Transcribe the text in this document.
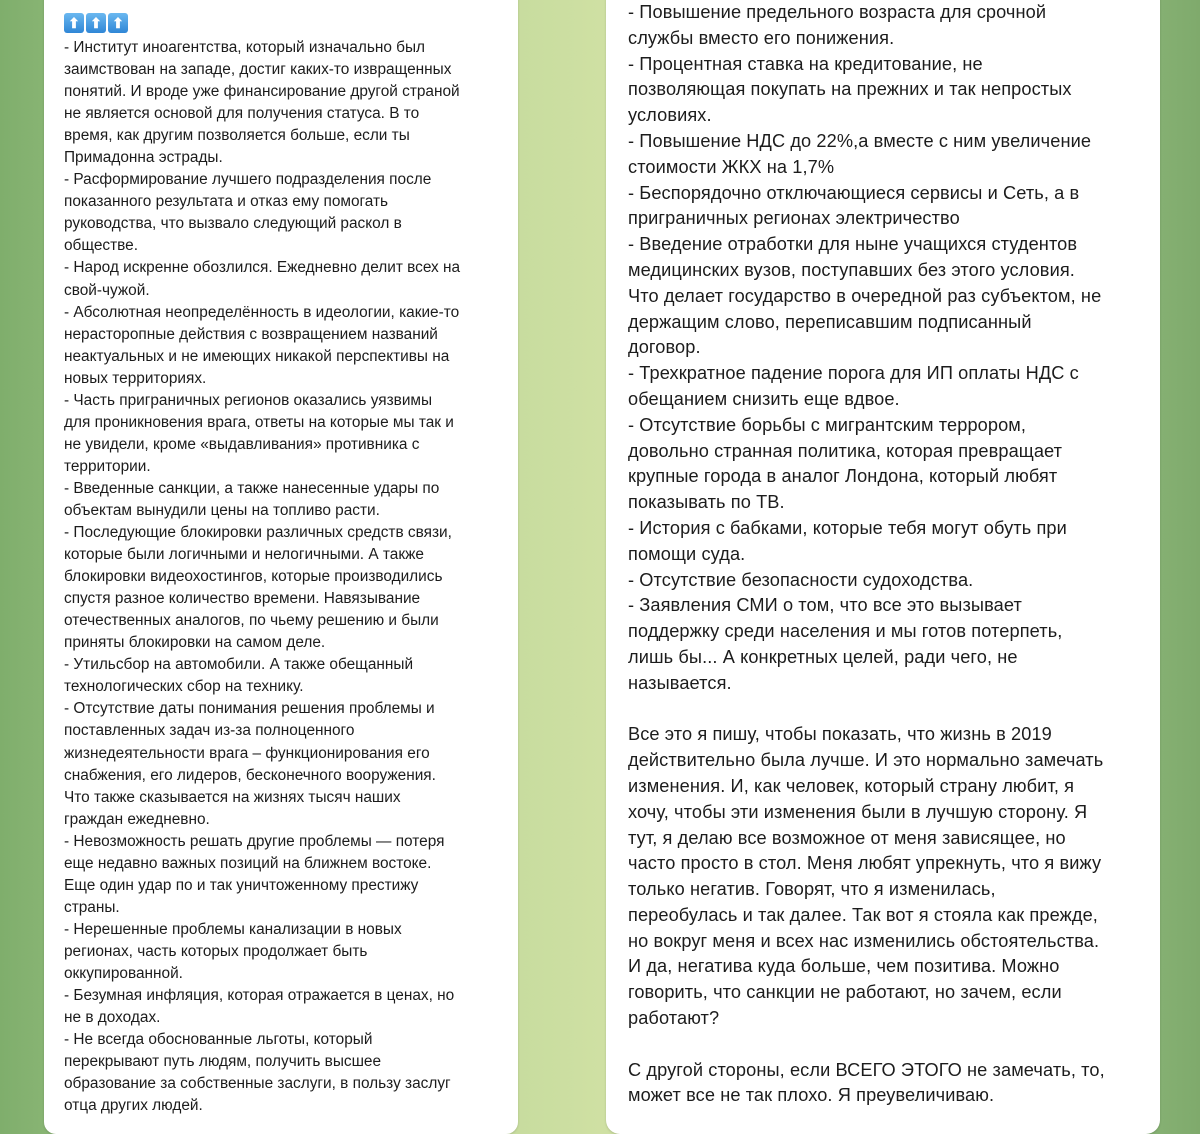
⬆ ⬆ ⬆
- Институт иноагентства, который изначально был
заимствован на западе, достиг каких-то извращенных
понятий. И вроде уже финансирование другой страной
не является основой для получения статуса. В то
время, как другим позволяется больше, если ты
Примадонна эстрады.
- Расформирование лучшего подразделения после
показанного результата и отказ ему помогать
руководства, что вызвало следующий раскол в
обществе.
- Народ искренне обозлился. Ежедневно делит всех на
свой-чужой.
- Абсолютная неопределённость в идеологии, какие-то
нерасторопные действия с возвращением названий
неактуальных и не имеющих никакой перспективы на
новых территориях.
- Часть приграничных регионов оказались уязвимы
для проникновения врага, ответы на которые мы так и
не увидели, кроме «выдавливания» противника с
территории.
- Введенные санкции, а также нанесенные удары по
объектам вынудили цены на топливо расти.
- Последующие блокировки различных средств связи,
которые были логичными и нелогичными. А также
блокировки видеохостингов, которые производились
спустя разное количество времени. Навязывание
отечественных аналогов, по чьему решению и были
приняты блокировки на самом деле.
- Утильсбор на автомобили. А также обещанный
технологических сбор на технику.
- Отсутствие даты понимания решения проблемы и
поставленных задач из-за полноценного
жизнедеятельности врага – функционирования его
снабжения, его лидеров, бесконечного вооружения.
Что также сказывается на жизнях тысяч наших
граждан ежедневно.
- Невозможность решать другие проблемы — потеря
еще недавно важных позиций на ближнем востоке.
Еще один удар по и так уничтоженному престижу
страны.
- Нерешенные проблемы канализации в новых
регионах, часть которых продолжает быть
оккупированной.
- Безумная инфляция, которая отражается в ценах, но
не в доходах.
- Не всегда обоснованные льготы, который
перекрывают путь людям, получить высшее
образование за собственные заслуги, в пользу заслуг
отца других людей.
- Повышение предельного возраста для срочной
службы вместо его понижения.
- Процентная ставка на кредитование, не
позволяющая покупать на прежних и так непростых
условиях.
- Повышение НДС до 22%,а вместе с ним увеличение
стоимости ЖКХ на 1,7%
- Беспорядочно отключающиеся сервисы и Сеть, а в
приграничных регионах электричество
- Введение отработки для ныне учащихся студентов
медицинских вузов, поступавших без этого условия.
Что делает государство в очередной раз субъектом, не
держащим слово, переписавшим подписанный
договор.
- Трехкратное падение порога для ИП оплаты НДС с
обещанием снизить еще вдвое.
- Отсутствие борьбы с мигрантским террором,
довольно странная политика, которая превращает
крупные города в аналог Лондона, который любят
показывать по ТВ.
- История с бабками, которые тебя могут обуть при
помощи суда.
- Отсутствие безопасности судоходства.
- Заявления СМИ о том, что все это вызывает
поддержку среди населения и мы готов потерпеть,
лишь бы... А конкретных целей, ради чего, не
называется.
Все это я пишу, чтобы показать, что жизнь в 2019
действительно была лучше. И это нормально замечать
изменения. И, как человек, который страну любит, я
хочу, чтобы эти изменения были в лучшую сторону. Я
тут, я делаю все возможное от меня зависящее, но
часто просто в стол. Меня любят упрекнуть, что я вижу
только негатив. Говорят, что я изменилась,
переобулась и так далее. Так вот я стояла как прежде,
но вокруг меня и всех нас изменились обстоятельства.
И да, негатива куда больше, чем позитива. Можно
говорить, что санкции не работают, но зачем, если
работают?
С другой стороны, если ВСЕГО ЭТОГО не замечать, то,
может все не так плохо. Я преувеличиваю.
